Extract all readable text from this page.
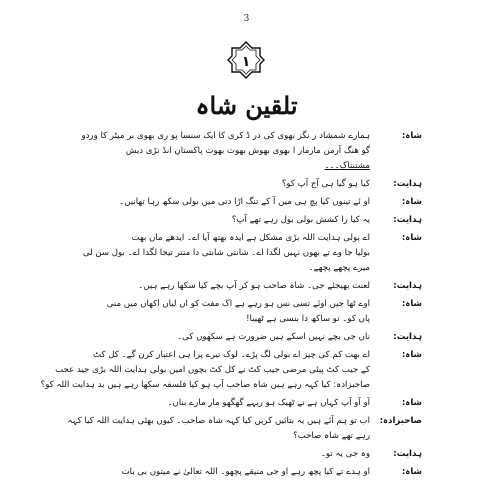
3
۱
تلقین شاہ
شاہ:
ہمارے شمشاد ر نگز بھوی کی در ڈ کری کا ایک سنسا پو ری بھوی بر میٹر کا وردو
گو ھنگ آرمن مارمار ا بھوی بھوش بھوت بھوت پاکستان انڈ نڑی دیش
مشتنناک۔۔۔
ہدایت:
کیا ہو گیا ہی آج آپ کو؟
شاہ:
او ئے تینوں کیا پچ ہی میں آ کے تنگ اڑا دتی میں بولی سکھ رہا تھانیں۔
ہدایت:
یہ کیا را کشش بولی بول رہے تھے آپ؟
شاہ:
اے بولی ہدایت اللہ بڑی مشکل ہے ایدہ بھتھ آیا اے۔ ایدھے ماں بھت
بولیا جا وے تے بھوں نہیں لگدا اے۔ شانتی شانتی دا منتر تیجا لگدا اے۔ بول سن لی
میرے پچھے پچھے۔
ہدایت:
لعنت بھیجئے جی۔ شاہ صاحب ہو کر آپ بچے کیا سکھا رہے ہیں۔
شاہ:
اوے ٹھا جیں اوئے تسی نس ہو رہے ہے اک مفت کو اں لیاں اکھاں میں منی
پاں کو۔ تو ساکھ دا بنسی ہے ٹھیبا!
ہدایت:
ناں جی بچے نہیں اسکے ہیں ضرورت ہے سکھوں کی۔
شاہ:
اے بھت کم کی چیز اے بولی لگ پڑے۔ لوک تیرے پرا ہی اعتبار کرن گے۔ کل کٹ
کے جیب کٹ پیئی مرضی جیب کٹ نے کل کٹ بچوں امیں بولی ہدایت اللہ بڑی جید عجب
صاحبزادہ: کیا کہہ رہے ہیں شاہ صاحب آپ ہو کیا فلسفہ سکھا رہے ہیں بد ہدایت اللہ کو؟
شاہ:
آو آو آپ کہاں ہے تے ٹھیک ہو ریہے گھگھو مار مارے بناں۔
صاحبزادہ:
اب تو ہم آئے ہیں یہ بتائیں کریں کیا کہہ شاہ صاحب۔ کیوں بھئی ہدایت اللہ کیا کہہ
رہے تھے شاہ صاحب؟
ہدایت:
وہ جی یہ تو۔
شاہ:
او ہدے تے کیا پچھ رہے او جی منیقے پچھو۔ اللہ تعالیٰ نے میتوں بی بات
